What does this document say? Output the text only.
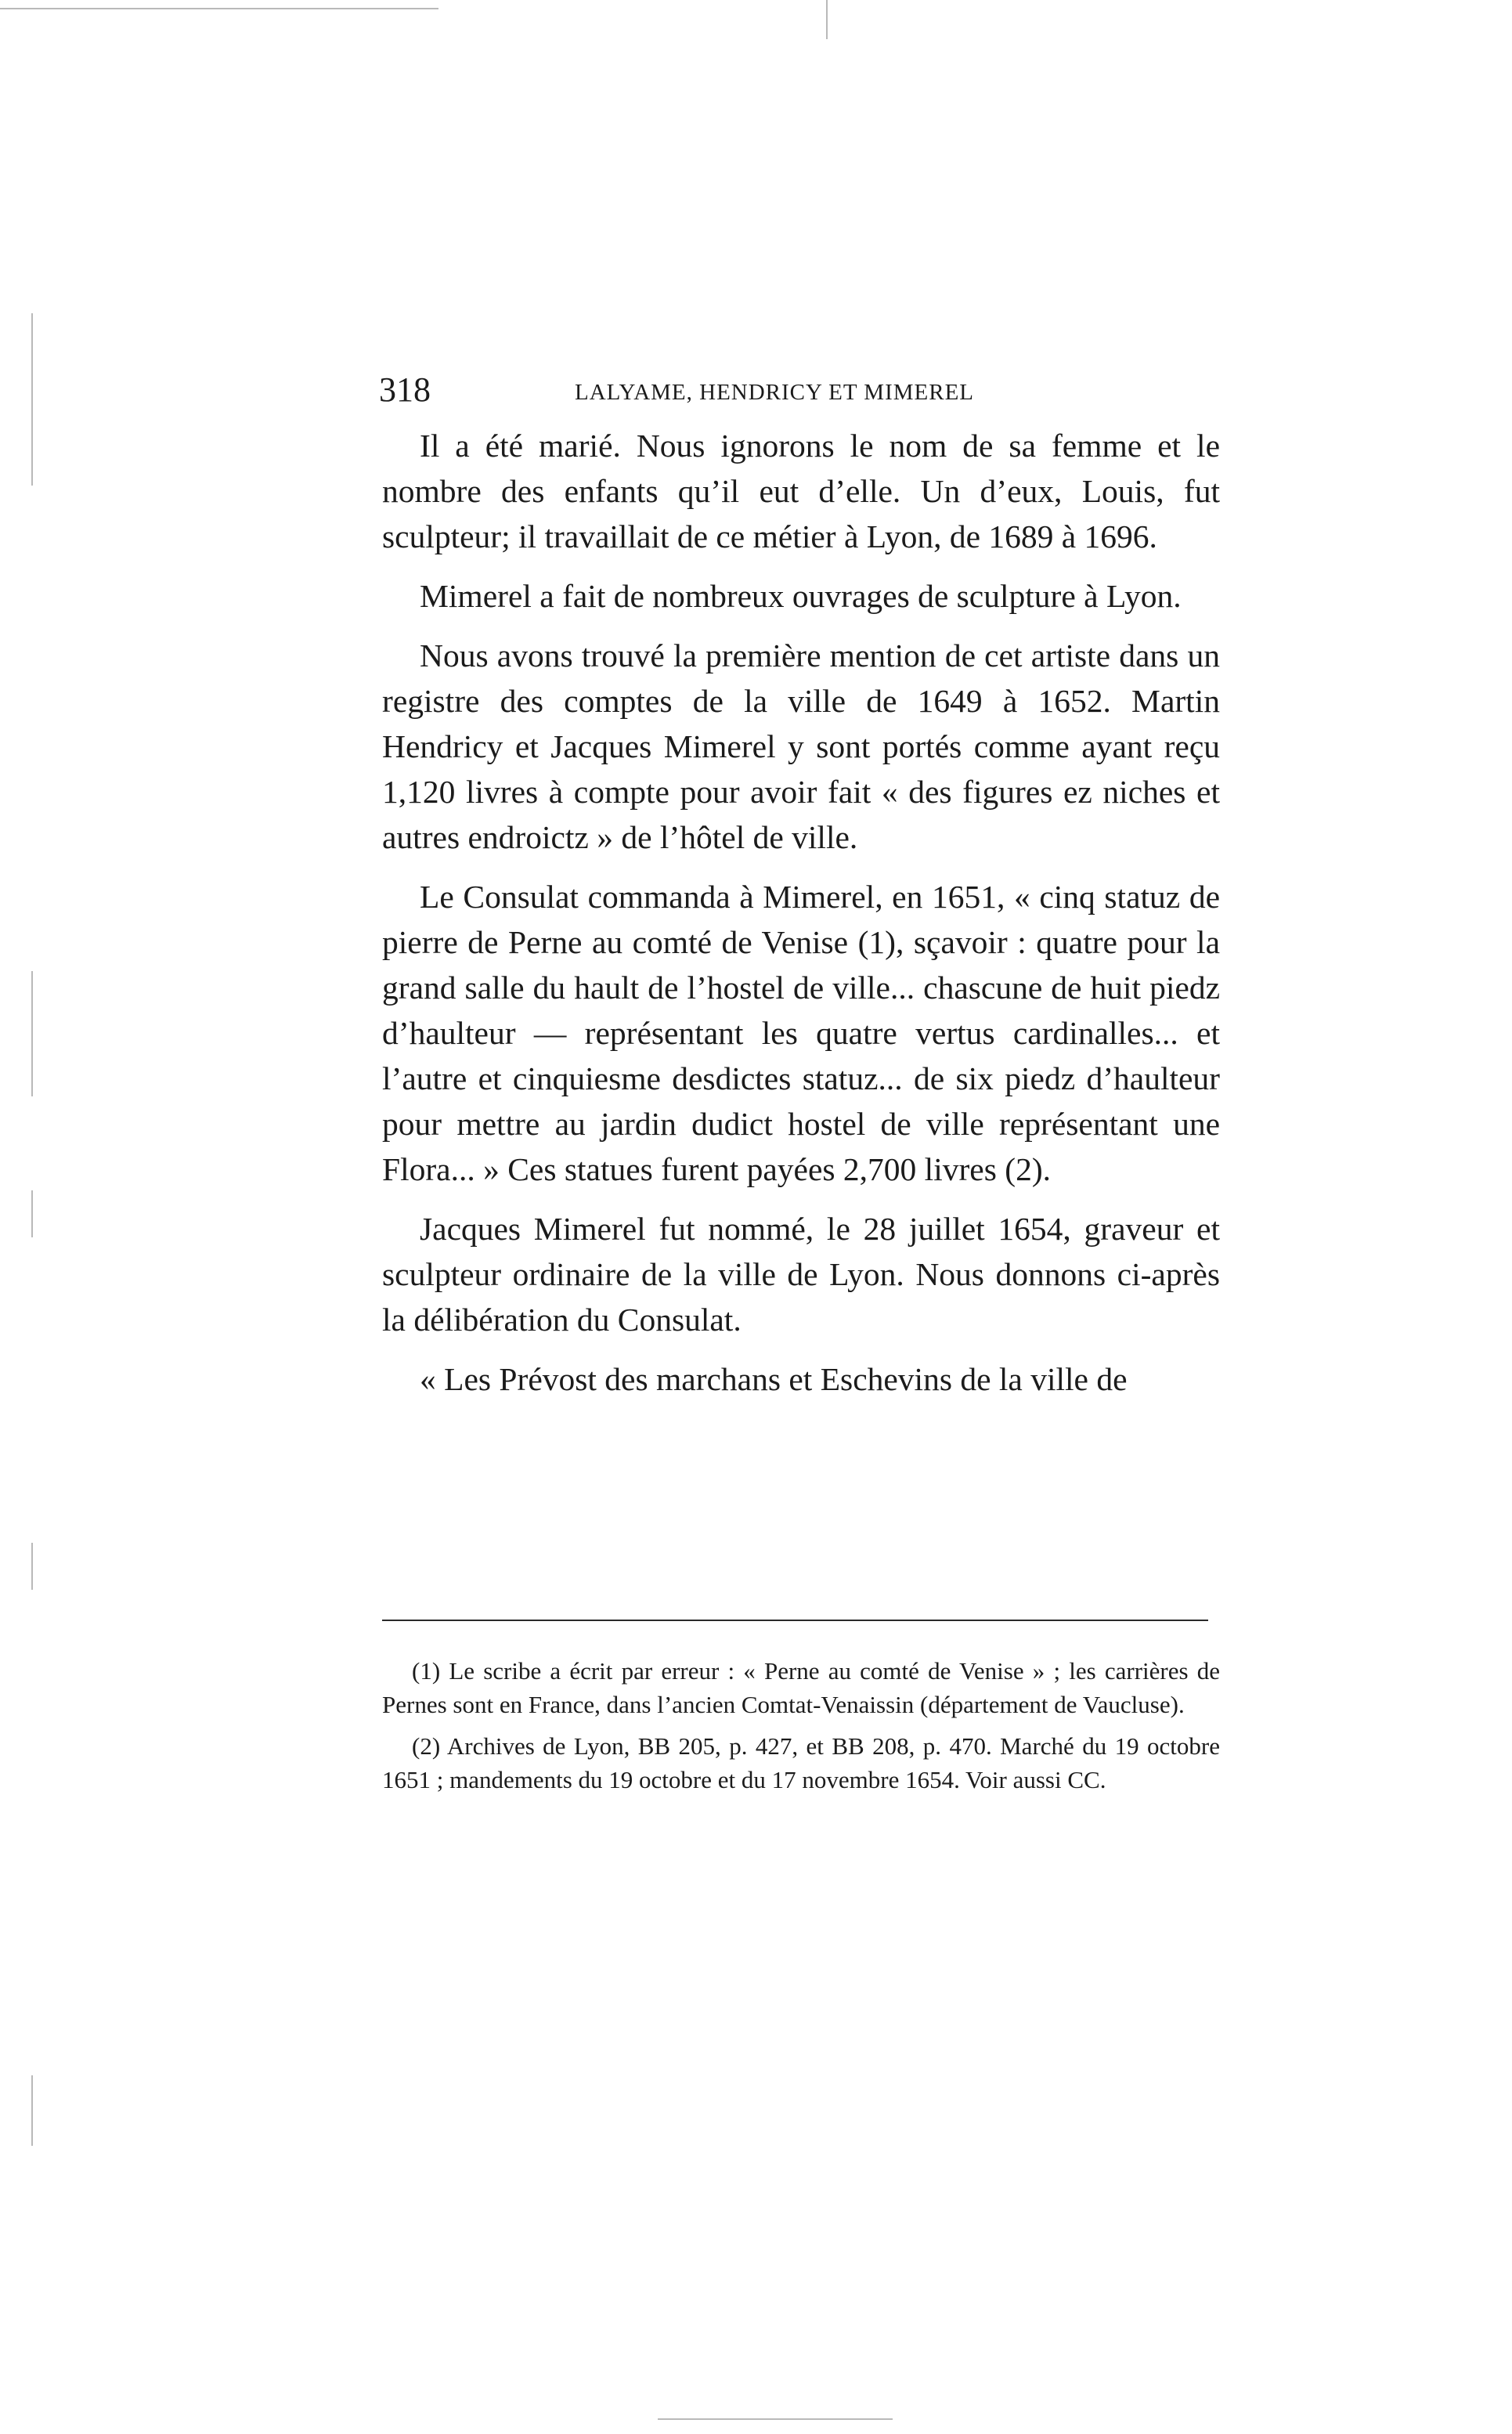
318	LALYAME, HENDRICY ET MIMEREL

Il a été marié. Nous ignorons le nom de sa femme et le nombre des enfants qu’il eut d’elle. Un d’eux, Louis, fut sculpteur; il travaillait de ce métier à Lyon, de 1689 à 1696.

Mimerel a fait de nombreux ouvrages de sculpture à Lyon.

Nous avons trouvé la première mention de cet artiste dans un registre des comptes de la ville de 1649 à 1652. Martin Hendricy et Jacques Mimerel y sont portés comme ayant reçu 1,120 livres à compte pour avoir fait « des figures ez niches et autres endroictz » de l’hôtel de ville.

Le Consulat commanda à Mimerel, en 1651, « cinq statuz de pierre de Perne au comté de Venise (1), sçavoir : quatre pour la grand salle du hault de l’hostel de ville... chascune de huit piedz d’haulteur — représentant les quatre vertus cardinalles... et l’autre et cinquiesme desdictes statuz... de six piedz d’haulteur pour mettre au jardin dudict hostel de ville représentant une Flora... » Ces statues furent payées 2,700 livres (2).

Jacques Mimerel fut nommé, le 28 juillet 1654, graveur et sculpteur ordinaire de la ville de Lyon. Nous donnons ci-après la délibération du Consulat.

« Les Prévost des marchans et Eschevins de la ville de

(1) Le scribe a écrit par erreur : « Perne au comté de Venise » ; les carrières de Pernes sont en France, dans l’ancien Comtat-Venaissin (département de Vaucluse).

(2) Archives de Lyon, BB 205, p. 427, et BB 208, p. 470. Marché du 19 octobre 1651 ; mandements du 19 octobre et du 17 novembre 1654. Voir aussi CC.
